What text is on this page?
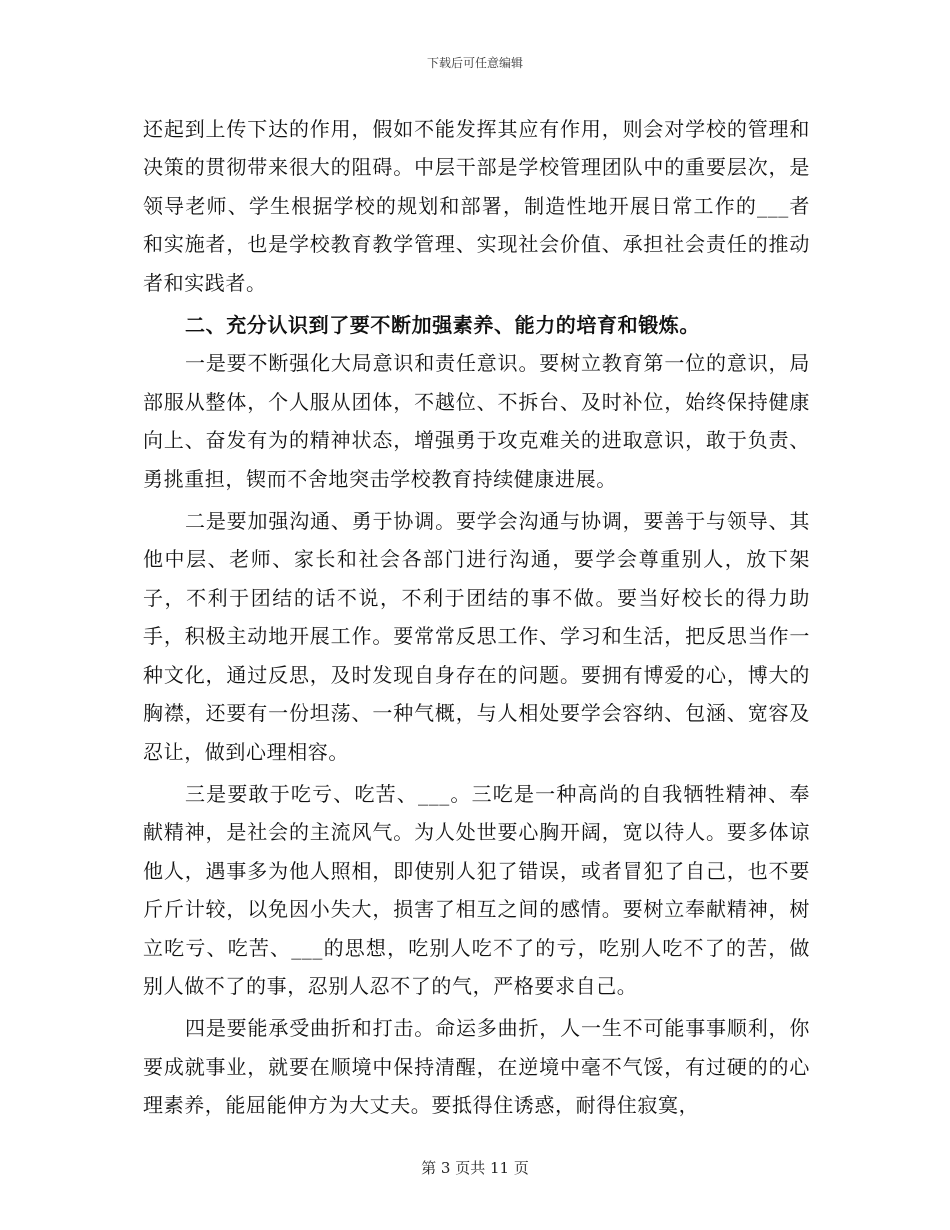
下载后可任意编辑

还起到上传下达的作用，假如不能发挥其应有作用，则会对学校的管理和决策的贯彻带来很大的阻碍。中层干部是学校管理团队中的重要层次，是领导老师、学生根据学校的规划和部署，制造性地开展日常工作的___者和实施者，也是学校教育教学管理、实现社会价值、承担社会责任的推动者和实践者。

二、充分认识到了要不断加强素养、能力的培育和锻炼。

一是要不断强化大局意识和责任意识。要树立教育第一位的意识，局部服从整体，个人服从团体，不越位、不拆台、及时补位，始终保持健康向上、奋发有为的精神状态，增强勇于攻克难关的进取意识，敢于负责、勇挑重担，锲而不舍地突击学校教育持续健康进展。

二是要加强沟通、勇于协调。要学会沟通与协调，要善于与领导、其他中层、老师、家长和社会各部门进行沟通，要学会尊重别人，放下架子，不利于团结的话不说，不利于团结的事不做。要当好校长的得力助手，积极主动地开展工作。要常常反思工作、学习和生活，把反思当作一种文化，通过反思，及时发现自身存在的问题。要拥有博爱的心，博大的胸襟，还要有一份坦荡、一种气概，与人相处要学会容纳、包涵、宽容及忍让，做到心理相容。

三是要敢于吃亏、吃苦、___。三吃是一种高尚的自我牺牲精神、奉献精神，是社会的主流风气。为人处世要心胸开阔，宽以待人。要多体谅他人，遇事多为他人照相，即使别人犯了错误，或者冒犯了自己，也不要斤斤计较，以免因小失大，损害了相互之间的感情。要树立奉献精神，树立吃亏、吃苦、___的思想，吃别人吃不了的亏，吃别人吃不了的苦，做别人做不了的事，忍别人忍不了的气，严格要求自己。

四是要能承受曲折和打击。命运多曲折，人一生不可能事事顺利，你要成就事业，就要在顺境中保持清醒，在逆境中毫不气馁，有过硬的的心理素养，能屈能伸方为大丈夫。要抵得住诱惑，耐得住寂寞，

第 3 页共 11 页
